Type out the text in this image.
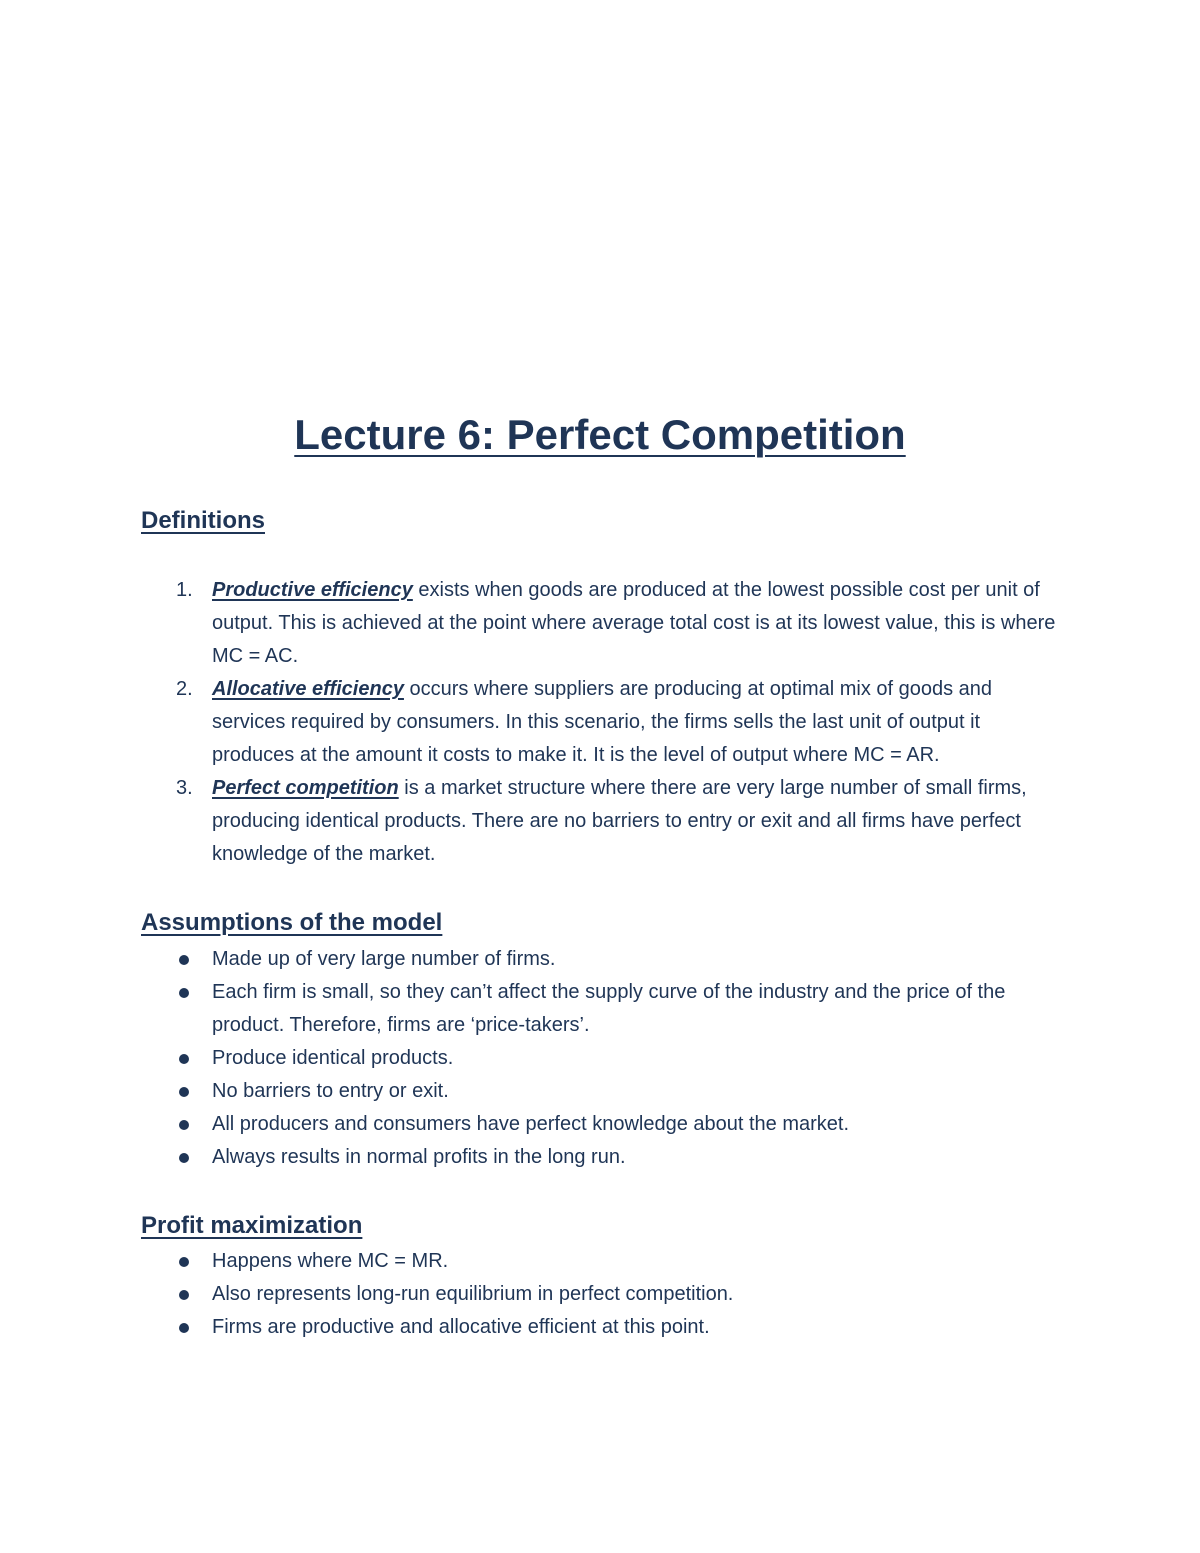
Lecture 6: Perfect Competition
Definitions
1. Productive efficiency exists when goods are produced at the lowest possible cost per unit of output. This is achieved at the point where average total cost is at its lowest value, this is where MC = AC.
2. Allocative efficiency occurs where suppliers are producing at optimal mix of goods and services required by consumers. In this scenario, the firms sells the last unit of output it produces at the amount it costs to make it. It is the level of output where MC = AR.
3. Perfect competition is a market structure where there are very large number of small firms, producing identical products. There are no barriers to entry or exit and all firms have perfect knowledge of the market.
Assumptions of the model
Made up of very large number of firms.
Each firm is small, so they can’t affect the supply curve of the industry and the price of the product. Therefore, firms are ‘price-takers’.
Produce identical products.
No barriers to entry or exit.
All producers and consumers have perfect knowledge about the market.
Always results in normal profits in the long run.
Profit maximization
Happens where MC = MR.
Also represents long-run equilibrium in perfect competition.
Firms are productive and allocative efficient at this point.
